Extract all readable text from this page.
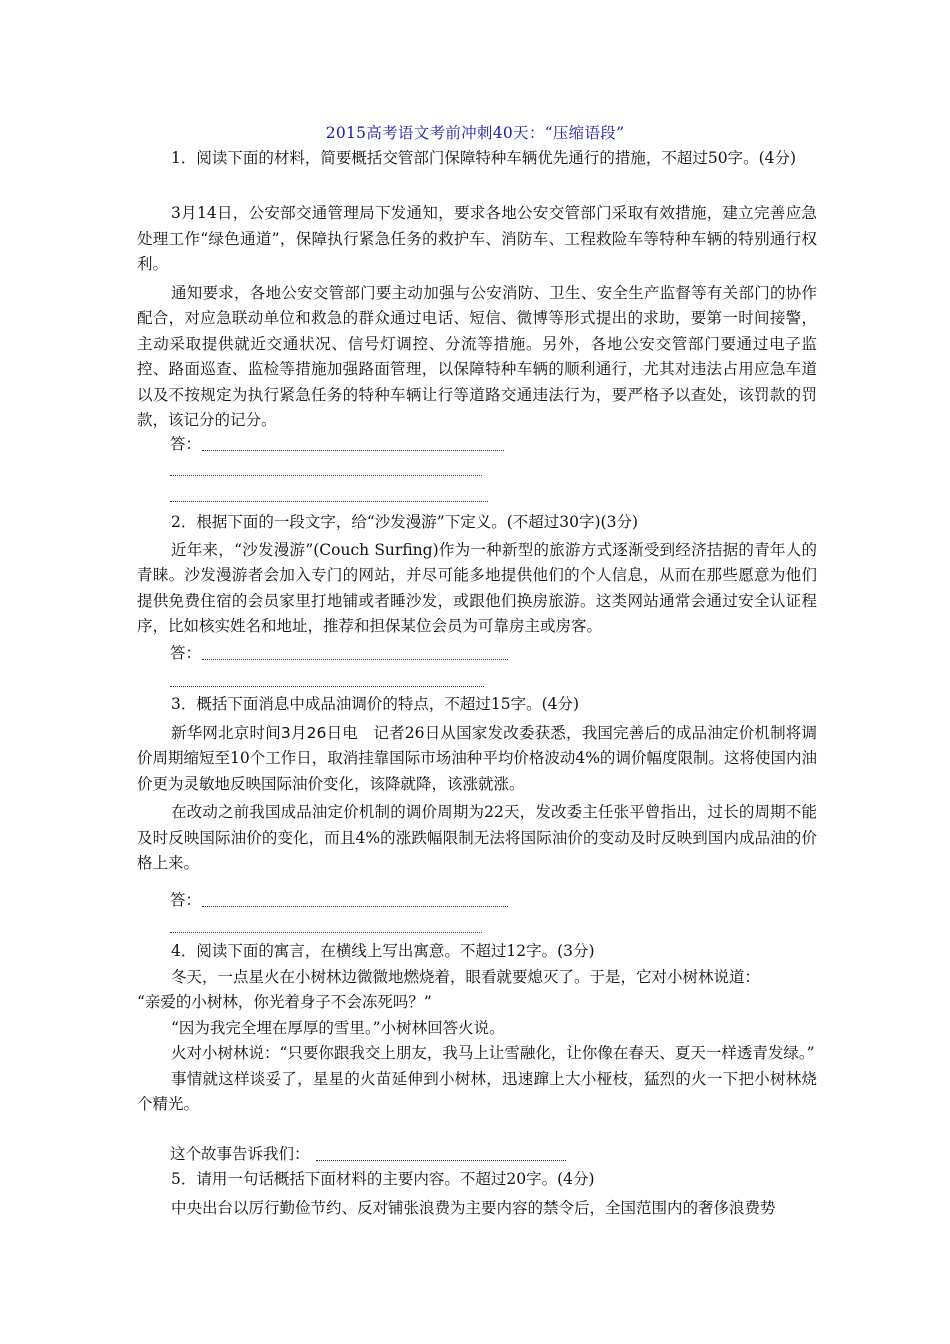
2015高考语文考前冲刺40天：“压缩语段”

1．阅读下面的材料，简要概括交管部门保障特种车辆优先通行的措施，不超过50字。(4分)

3月14日，公安部交通管理局下发通知，要求各地公安交管部门采取有效措施，建立完善应急处理工作“绿色通道”，保障执行紧急任务的救护车、消防车、工程救险车等特种车辆的特别通行权利。

通知要求，各地公安交管部门要主动加强与公安消防、卫生、安全生产监督等有关部门的协作配合，对应急联动单位和救急的群众通过电话、短信、微博等形式提出的求助，要第一时间接警，主动采取提供就近交通状况、信号灯调控、分流等措施。另外，各地公安交管部门要通过电子监控、路面巡查、监检等措施加强路面管理，以保障特种车辆的顺利通行，尤其对违法占用应急车道以及不按规定为执行紧急任务的特种车辆让行等道路交通违法行为，要严格予以查处，该罚款的罚款，该记分的记分。

答：

2．根据下面的一段文字，给“沙发漫游”下定义。(不超过30字)(3分)

近年来，“沙发漫游”(Couch Surfing)作为一种新型的旅游方式逐渐受到经济拮据的青年人的青睐。沙发漫游者会加入专门的网站，并尽可能多地提供他们的个人信息，从而在那些愿意为他们提供免费住宿的会员家里打地铺或者睡沙发，或跟他们换房旅游。这类网站通常会通过安全认证程序，比如核实姓名和地址，推荐和担保某位会员为可靠房主或房客。

答：

3．概括下面消息中成品油调价的特点，不超过15字。(4分)

新华网北京时间3月26日电 记者26日从国家发改委获悉，我国完善后的成品油定价机制将调价周期缩短至10个工作日，取消挂靠国际市场油种平均价格波动4%的调价幅度限制。这将使国内油价更为灵敏地反映国际油价变化，该降就降，该涨就涨。

在改动之前我国成品油定价机制的调价周期为22天，发改委主任张平曾指出，过长的周期不能及时反映国际油价的变化，而且4%的涨跌幅限制无法将国际油价的变动及时反映到国内成品油的价格上来。

答：

4．阅读下面的寓言，在横线上写出寓意。不超过12字。(3分)

冬天，一点星火在小树林边微微地燃烧着，眼看就要熄灭了。于是，它对小树林说道：

“亲爱的小树林，你光着身子不会冻死吗？”

“因为我完全埋在厚厚的雪里。”小树林回答火说。

火对小树林说：“只要你跟我交上朋友，我马上让雪融化，让你像在春天、夏天一样透青发绿。”

事情就这样谈妥了，星星的火苗延伸到小树林，迅速蹿上大小桠枝，猛烈的火一下把小树林烧个精光。

这个故事告诉我们：

5．请用一句话概括下面材料的主要内容。不超过20字。(4分)

中央出台以厉行勤俭节约、反对铺张浪费为主要内容的禁令后，全国范围内的奢侈浪费势
